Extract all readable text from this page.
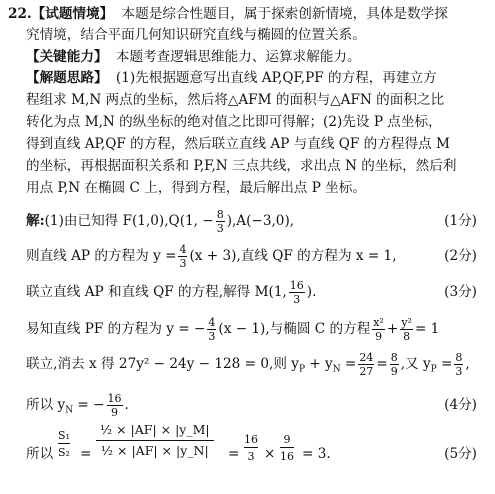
22.【试题情境】 本题是综合性题目，属于探索创新情境，具体是数学探
究情境，结合平面几何知识研究直线与椭圆的位置关系。
【关键能力】 本题考查逻辑思维能力、运算求解能力。
【解题思路】 (1)先根据题意写出直线 AP,QF,PF 的方程，再建立方
程组求 M,N 两点的坐标，然后将△AFM 的面积与△AFN 的面积之比
转化为点 M,N 的纵坐标的绝对值之比即可得解；(2)先设 P 点坐标，
得到直线 AP,QF 的方程，然后联立直线 AP 与直线 QF 的方程得点 M
的坐标，再根据面积关系和 P,F,N 三点共线，求出点 N 的坐标，然后利
用点 P,N 在椭圆 C 上，得到方程，最后解出点 P 坐标。
解:(1)由已知得 F(1,0),Q(1, − $\frac{8}{3} ),A(-3,0)$,	(1分)
则直线 AP 的方程为 $y = \frac{4}{3} (x + 3)$,直线 QF 的方程为 x = 1,	(2分)
联立直线 AP 和直线 QF 的方程,解得 M(1, $\frac{16}{3}$ ).	(3分)
易知直线 PF 的方程为 y = − $\frac{4}{3} (x - 1)$,与椭圆 C 的方程 $\frac{\text{x²}}{9} + \frac{\text{y²}}{8} = 1$
联立,消去 x 得 27y² − 24y − 128 = 0,则 $y_P + y_N = \frac{24}{27} = \frac{8}{9}$ ,又 $y_P = \frac{8}{3}$ ,
所以 $y_N$ = − $\frac{16}{9}$ .	(4分)
所以 $\frac{\text{S₁}}{\text{S₂}} = \frac{\text{½ × |AF| × |y\_M|}}{\text{½ × |AF| × |y\_N|}} = \frac{16}{3} \times \frac{9}{16} = 3$.	(5分)
